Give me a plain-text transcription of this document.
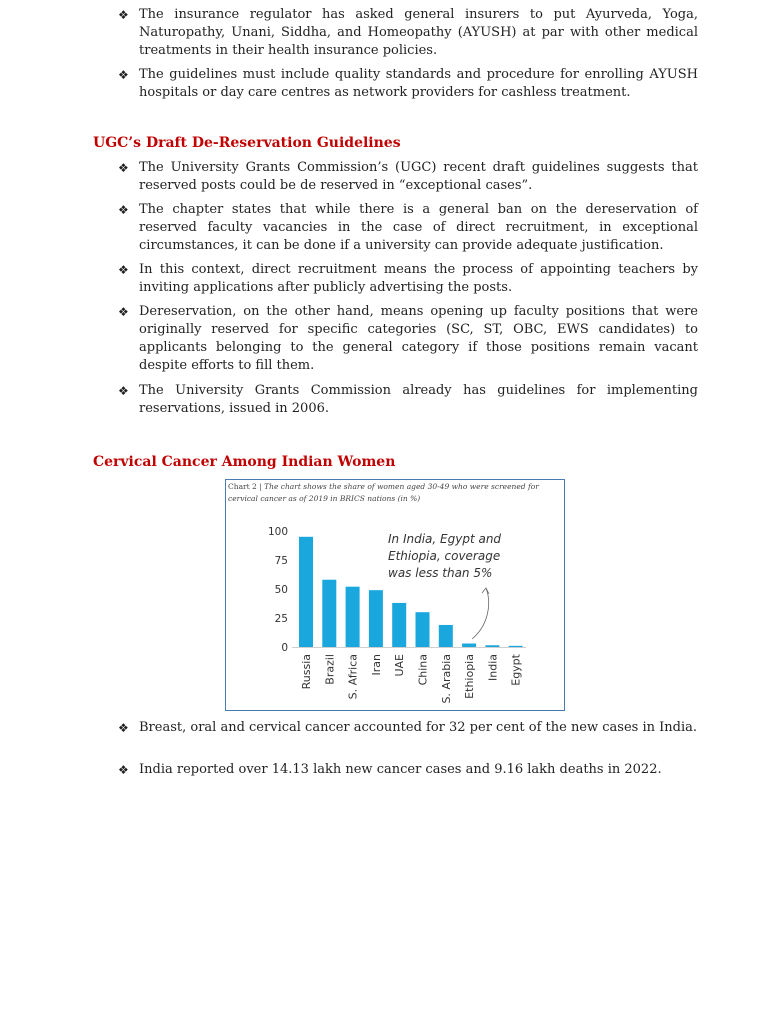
❖ The insurance regulator has asked general insurers to put Ayurveda, Yoga, Naturopathy, Unani, Siddha, and Homeopathy (AYUSH) at par with other medical treatments in their health insurance policies.
❖ The guidelines must include quality standards and procedure for enrolling AYUSH hospitals or day care centres as network providers for cashless treatment.
UGC’s Draft De-Reservation Guidelines
❖ The University Grants Commission’s (UGC) recent draft guidelines suggests that reserved posts could be de reserved in “exceptional cases”.
❖ The chapter states that while there is a general ban on the dereservation of reserved faculty vacancies in the case of direct recruitment, in exceptional circumstances, it can be done if a university can provide adequate justification.
❖ In this context, direct recruitment means the process of appointing teachers by inviting applications after publicly advertising the posts.
❖ Dereservation, on the other hand, means opening up faculty positions that were originally reserved for specific categories (SC, ST, OBC, EWS candidates) to applicants belonging to the general category if those positions remain vacant despite efforts to fill them.
❖ The University Grants Commission already has guidelines for implementing reservations, issued in 2006.
Cervical Cancer Among Indian Women
Chart 2 | The chart shows the share of women aged 30-49 who were screened for cervical cancer as of 2019 in BRICS nations (in %)
0
25
50
75
100
Russia Brazil S. Africa Iran UAE China S. Arabia Ethiopia India Egypt
In India, Egypt and
Ethiopia, coverage
was less than 5%
❖ Breast, oral and cervical cancer accounted for 32 per cent of the new cases in India.
❖ India reported over 14.13 lakh new cancer cases and 9.16 lakh deaths in 2022.
